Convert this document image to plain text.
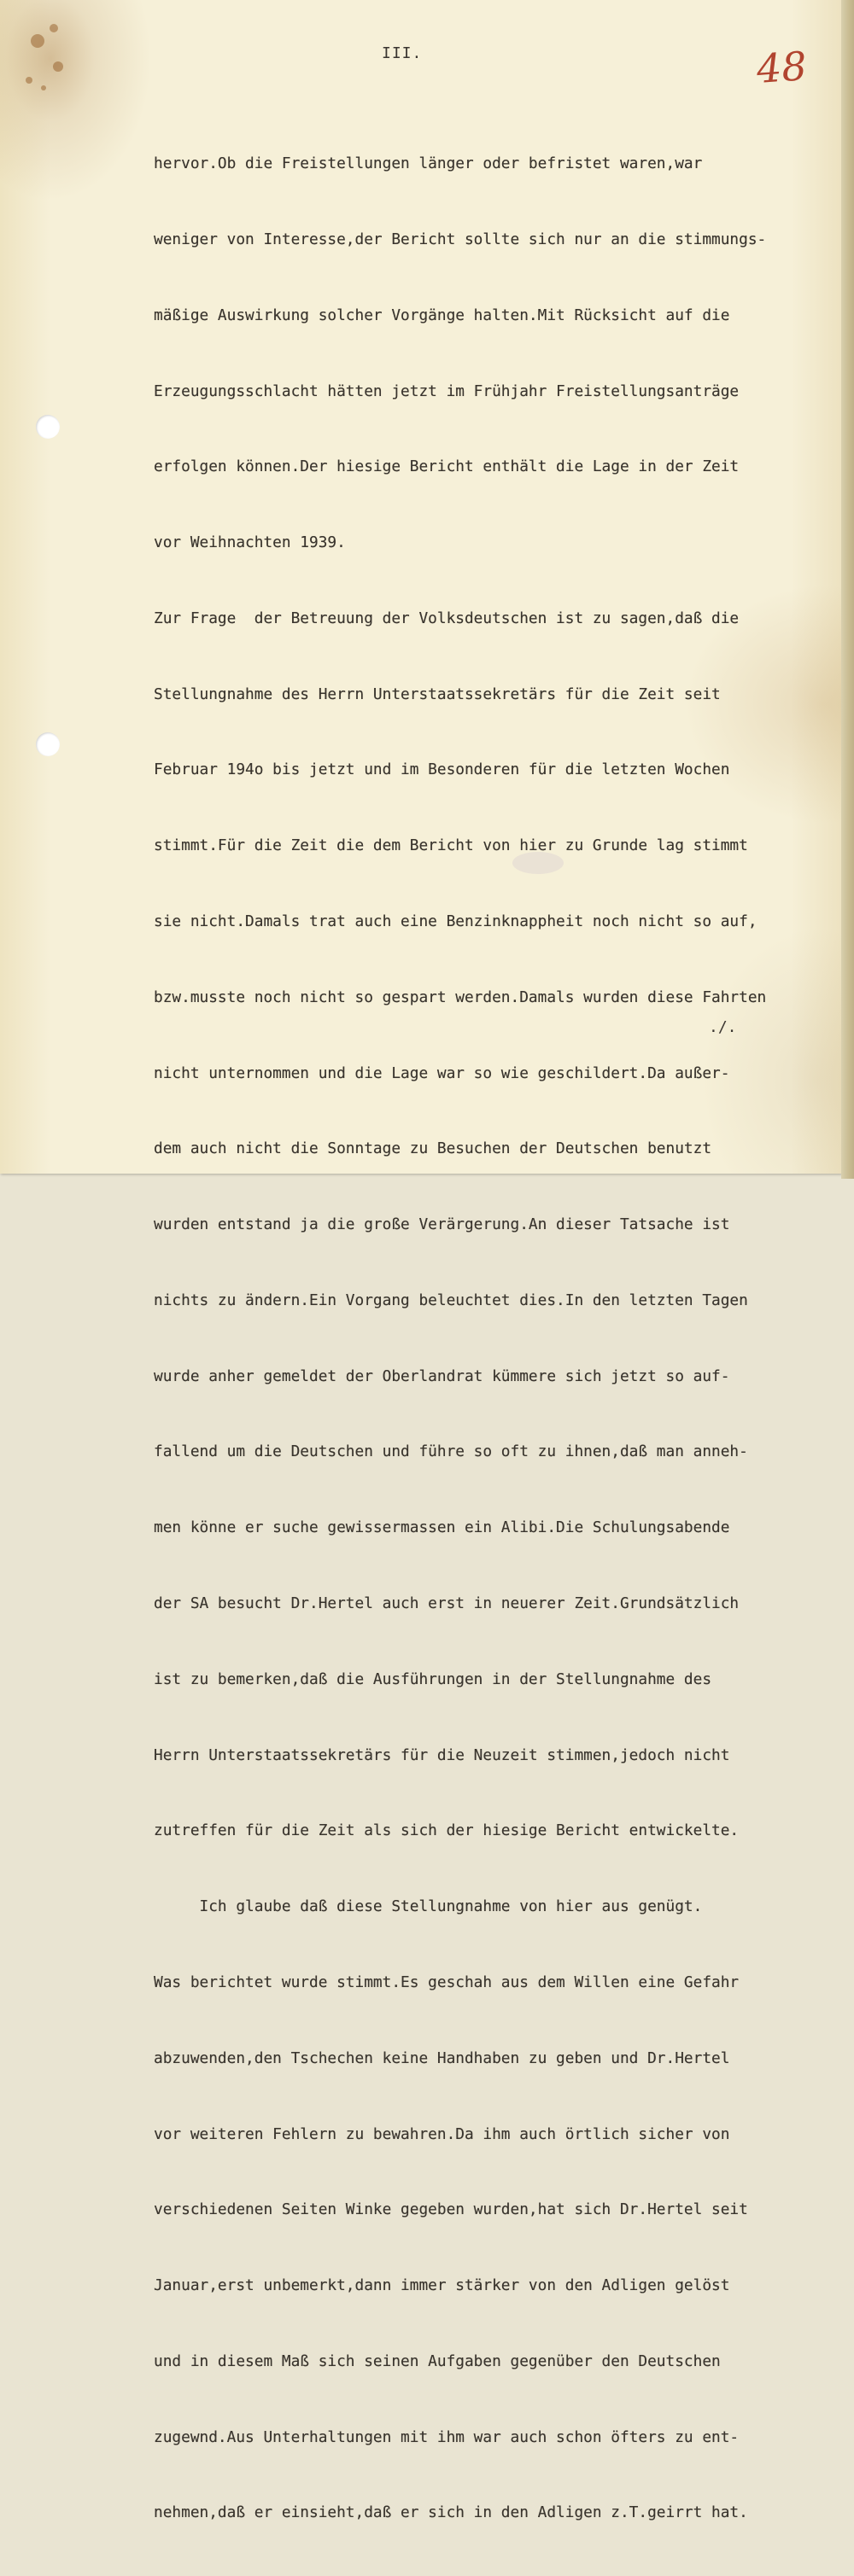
III.	48

hervor.Ob die Freistellungen länger oder befristet waren,war

weniger von Interesse,der Bericht sollte sich nur an die stimmungs-

mäßige Auswirkung solcher Vorgänge halten.Mit Rücksicht auf die

Erzeugungsschlacht hätten jetzt im Frühjahr Freistellungsanträge

erfolgen können.Der hiesige Bericht enthält die Lage in der Zeit

vor Weihnachten 1939.

Zur Frage  der Betreuung der Volksdeutschen ist zu sagen,daß die

Stellungnahme des Herrn Unterstaatssekretärs für die Zeit seit

Februar 194o bis jetzt und im Besonderen für die letzten Wochen

stimmt.Für die Zeit die dem Bericht von hier zu Grunde lag stimmt

sie nicht.Damals trat auch eine Benzinknappheit noch nicht so auf,

bzw.musste noch nicht so gespart werden.Damals wurden diese Fahrten

nicht unternommen und die Lage war so wie geschildert.Da außer-

dem auch nicht die Sonntage zu Besuchen der Deutschen benutzt

wurden entstand ja die große Verärgerung.An dieser Tatsache ist

nichts zu ändern.Ein Vorgang beleuchtet dies.In den letzten Tagen

wurde anher gemeldet der Oberlandrat kümmere sich jetzt so auf-

fallend um die Deutschen und führe so oft zu ihnen,daß man anneh-

men könne er suche gewissermassen ein Alibi.Die Schulungsabende

der SA besucht Dr.Hertel auch erst in neuerer Zeit.Grundsätzlich

ist zu bemerken,daß die Ausführungen in der Stellungnahme des

Herrn Unterstaatssekretärs für die Neuzeit stimmen,jedoch nicht

zutreffen für die Zeit als sich der hiesige Bericht entwickelte.

Ich glaube daß diese Stellungnahme von hier aus genügt.

Was berichtet wurde stimmt.Es geschah aus dem Willen eine Gefahr

abzuwenden,den Tschechen keine Handhaben zu geben und Dr.Hertel

vor weiteren Fehlern zu bewahren.Da ihm auch örtlich sicher von

verschiedenen Seiten Winke gegeben wurden,hat sich Dr.Hertel seit

Januar,erst unbemerkt,dann immer stärker von den Adligen gelöst

und in diesem Maß sich seinen Aufgaben gegenüber den Deutschen

zugewnd.Aus Unterhaltungen mit ihm war auch schon öfters zu ent-

nehmen,daß er einsieht,daß er sich in den Adligen z.T.geirrt hat.

./.
